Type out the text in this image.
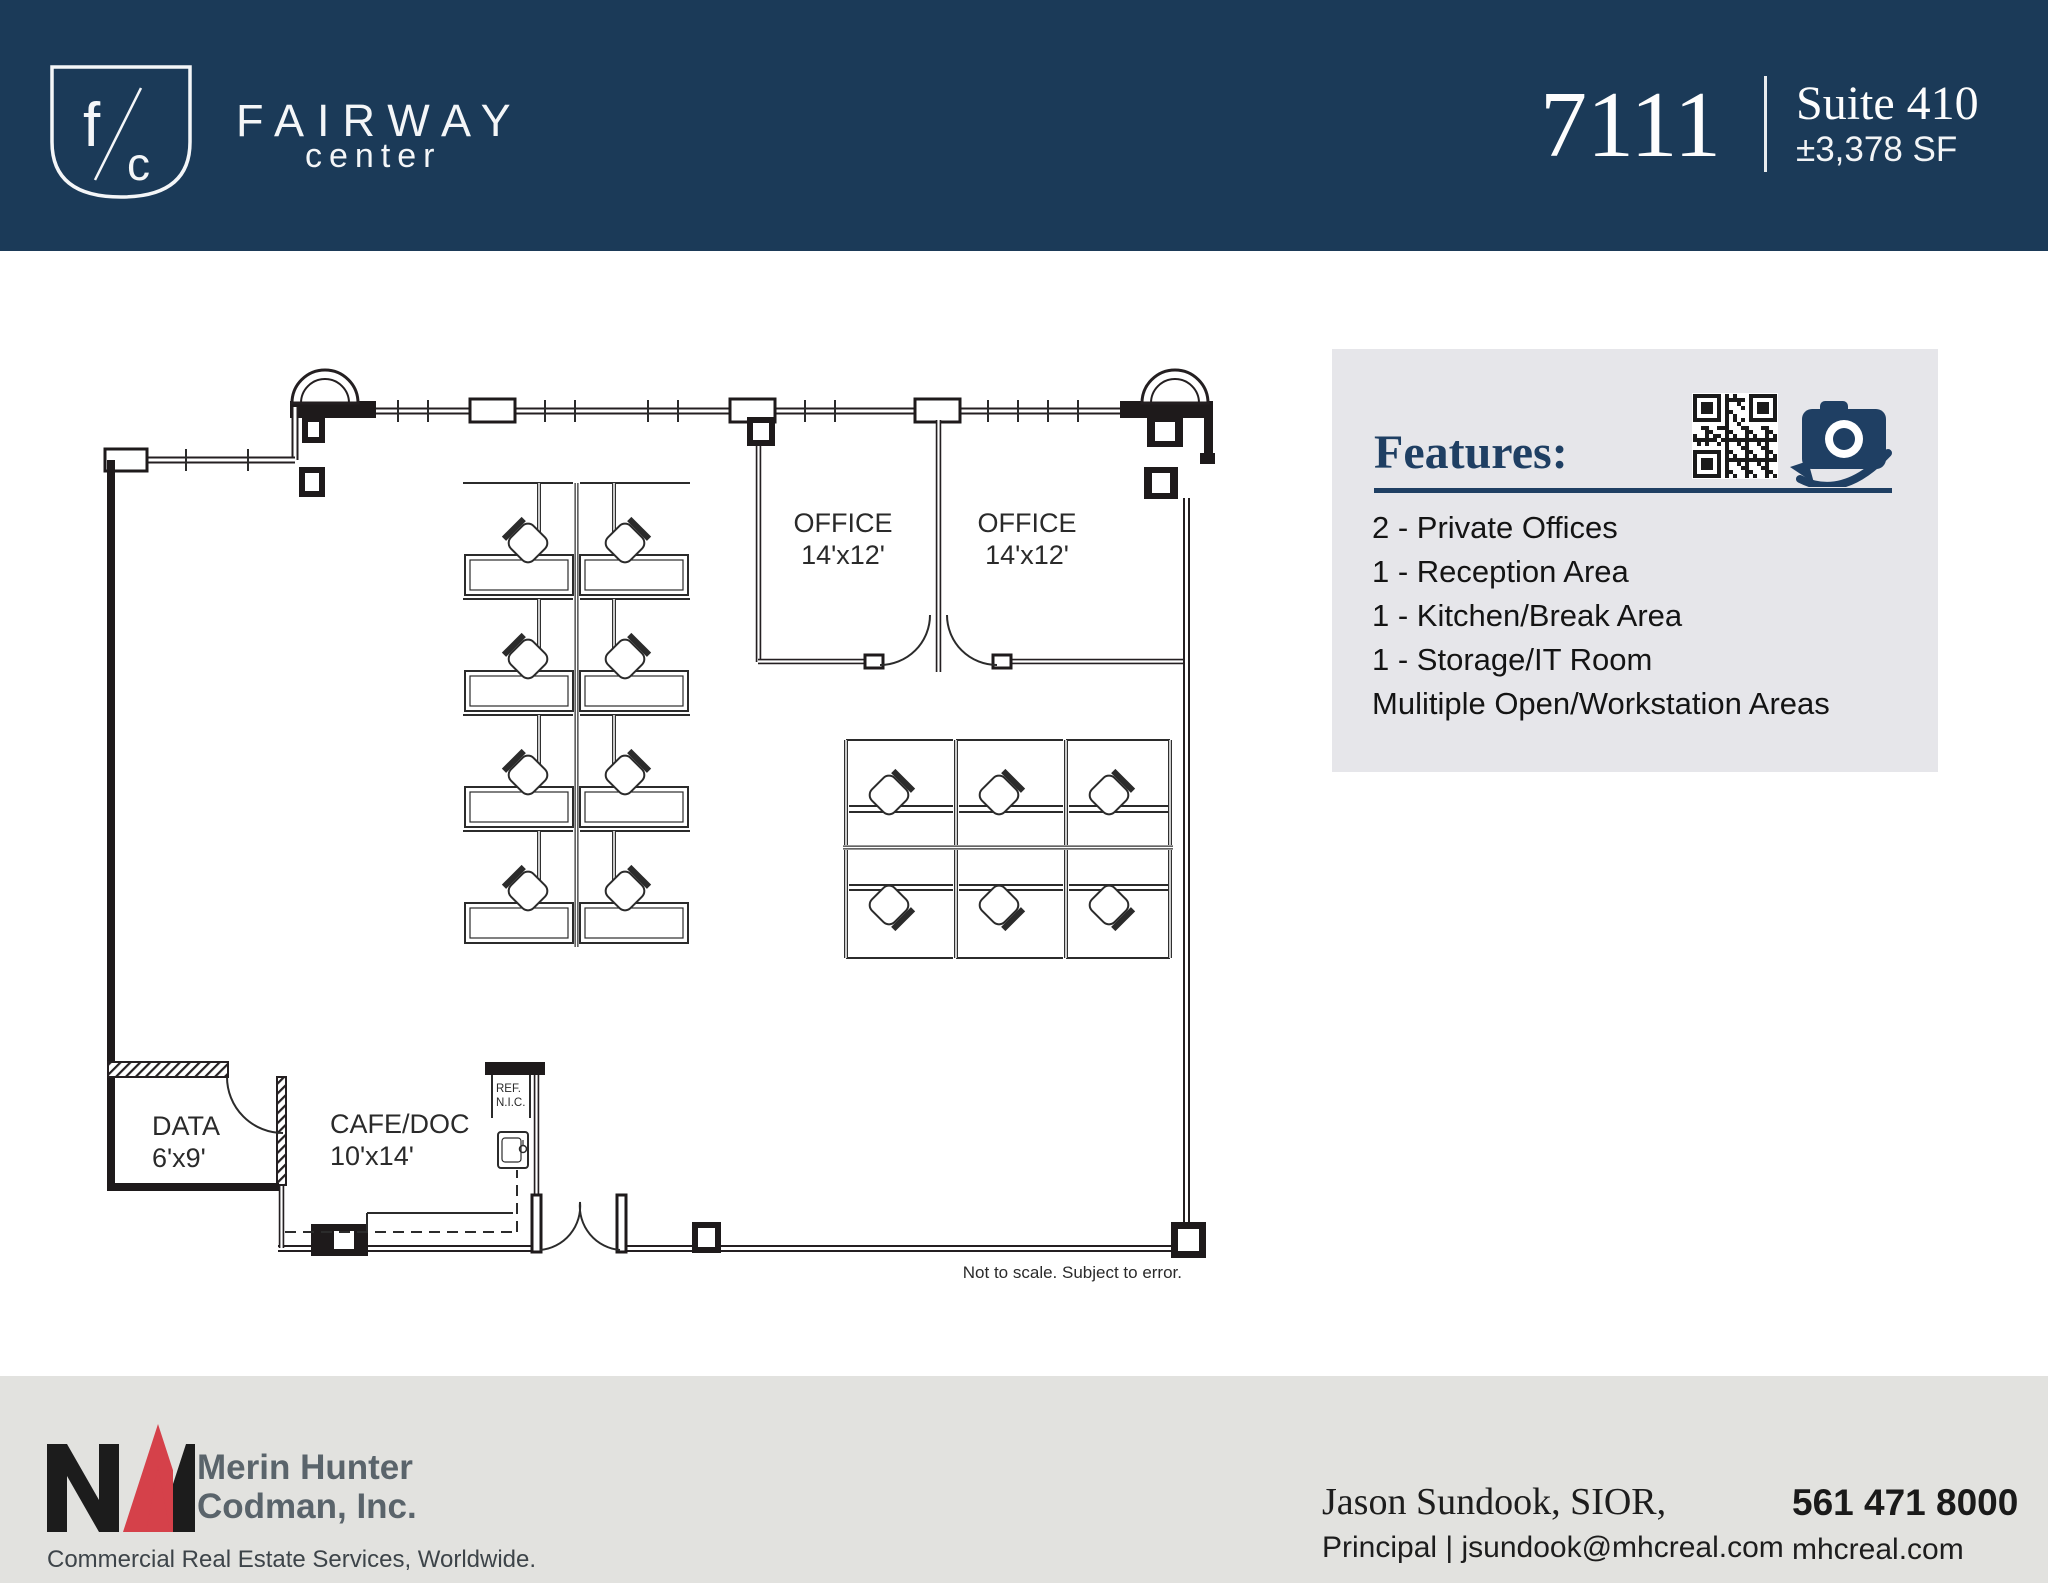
f
c
FAIRWAY
center	7111 Suite 410
±3,378 SF
OFFICE
14'x12'
OFFICE
14'x12'
DATA
6'x9'
CAFE/DOC
10'x14'
REF.
N.I.C.
Not to scale. Subject to error.
Features:
2 - Private Offices
1 - Reception Area
1 - Kitchen/Break Area
1 - Storage/IT Room
Mulitiple Open/Workstation Areas
Merin Hunter
Codman, Inc.
Commercial Real Estate Services, Worldwide.
Jason Sundook, SIOR,
Principal | jsundook@mhcreal.com
561 471 8000
mhcreal.com
